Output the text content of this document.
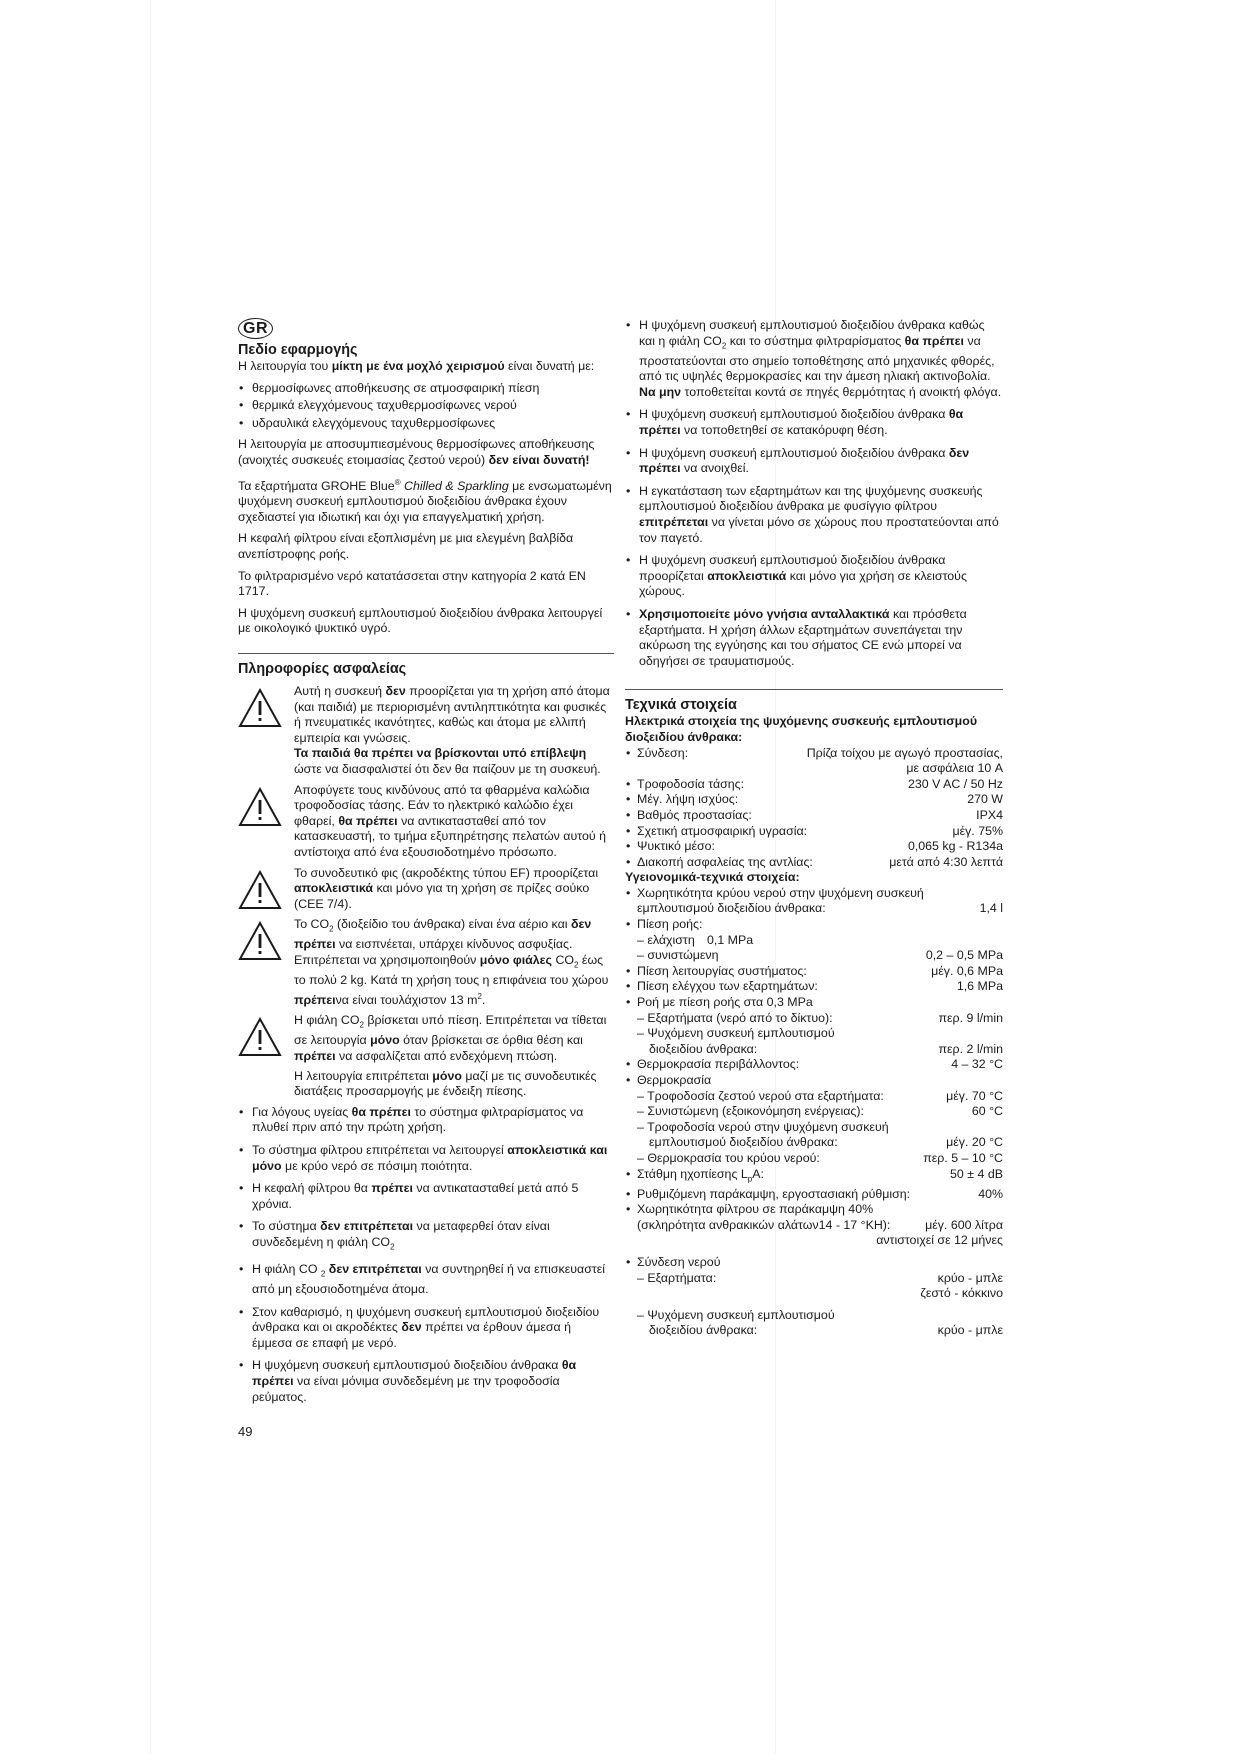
GR
Πεδίο εφαρμογής

Η λειτουργία του μίκτη με ένα μοχλό χειρισμού είναι δυνατή με:

• θερμοσίφωνες αποθήκευσης σε ατμοσφαιρική πίεση
• θερμικά ελεγχόμενους ταχυθερμοσίφωνες νερού
• υδραυλικά ελεγχόμενους ταχυθερμοσίφωνες

Η λειτουργία με αποσυμπιεσμένους θερμοσίφωνες αποθήκευσης (ανοιχτές συσκευές ετοιμασίας ζεστού νερού) δεν είναι δυνατή!

Τα εξαρτήματα GROHE Blue® Chilled & Sparkling με ενσωματωμένη ψυχόμενη συσκευή εμπλουτισμού διοξειδίου άνθρακα έχουν σχεδιαστεί για ιδιωτική και όχι για επαγγελματική χρήση.

Η κεφαλή φίλτρου είναι εξοπλισμένη με μια ελεγμένη βαλβίδα ανεπίστροφης ροής.

Το φιλτραρισμένο νερό κατατάσσεται στην κατηγορία 2 κατά EN 1717.

Η ψυχόμενη συσκευή εμπλουτισμού διοξειδίου άνθρακα λειτουργεί με οικολογικό ψυκτικό υγρό.

Πληροφορίες ασφαλείας

Αυτή η συσκευή δεν προορίζεται για τη χρήση από άτομα (και παιδιά) με περιορισμένη αντιληπτικότητα και φυσικές ή πνευματικές ικανότητες, καθώς και άτομα με ελλιπή εμπειρία και γνώσεις.

Τα παιδιά θα πρέπει να βρίσκονται υπό επίβλεψη ώστε να διασφαλιστεί ότι δεν θα παίζουν με τη συσκευή.

Αποφύγετε τους κινδύνους από τα φθαρμένα καλώδια τροφοδοσίας τάσης. Εάν το ηλεκτρικό καλώδιο έχει φθαρεί, θα πρέπει να αντικατασταθεί από τον κατασκευαστή, το τμήμα εξυπηρέτησης πελατών αυτού ή αντίστοιχα από ένα εξουσιοδοτημένο πρόσωπο.

Το συνοδευτικό φις (ακροδέκτης τύπου EF) προορίζεται αποκλειστικά και μόνο για τη χρήση σε πρίζες σούκο (CEE 7/4).

Το $CO_2$ (διοξείδιο του άνθρακα) είναι ένα αέριο και δεν πρέπει να εισπνέεται, υπάρχει κίνδυνος ασφυξίας. Επιτρέπεται να χρησιμοποιηθούν μόνο φιάλες $CO_2$ έως το πολύ 2 kg. Κατά τη χρήση τους η επιφάνεια του χώρου πρέπεινα είναι τουλάχιστον 13 $m^2$.

Η φιάλη $CO_2$ βρίσκεται υπό πίεση. Επιτρέπεται να τίθεται σε λειτουργία μόνο όταν βρίσκεται σε όρθια θέση και πρέπει να ασφαλίζεται από ενδεχόμενη πτώση.

Η λειτουργία επιτρέπεται μόνο μαζί με τις συνοδευτικές διατάξεις προσαρμογής με ένδειξη πίεσης.

• Για λόγους υγείας θα πρέπει το σύστημα φιλτραρίσματος να πλυθεί πριν από την πρώτη χρήση.
• Το σύστημα φίλτρου επιτρέπεται να λειτουργεί αποκλειστικά και μόνο με κρύο νερό σε πόσιμη ποιότητα.
• Η κεφαλή φίλτρου θα πρέπει να αντικατασταθεί μετά από 5 χρόνια.
• Το σύστημα δεν επιτρέπεται να μεταφερθεί όταν είναι συνδεδεμένη η φιάλη $CO_2$
• Η φιάλη CO $_2$ δεν επιτρέπεται να συντηρηθεί ή να επισκευαστεί από μη εξουσιοδοτημένα άτομα.
• Στον καθαρισμό, η ψυχόμενη συσκευή εμπλουτισμού διοξειδίου άνθρακα και οι ακροδέκτες δεν πρέπει να έρθουν άμεσα ή έμμεσα σε επαφή με νερό.
• Η ψυχόμενη συσκευή εμπλουτισμού διοξειδίου άνθρακα θα πρέπει να είναι μόνιμα συνδεδεμένη με την τροφοδοσία ρεύματος.
• Η ψυχόμενη συσκευή εμπλουτισμού διοξειδίου άνθρακα καθώς και η φιάλη $CO_2$ και το σύστημα φιλτραρίσματος θα πρέπει να προστατεύονται στο σημείο τοποθέτησης από μηχανικές φθορές, από τις υψηλές θερμοκρασίες και την άμεση ηλιακή ακτινοβολία.
Να μην τοποθετείται κοντά σε πηγές θερμότητας ή ανοικτή φλόγα.
• Η ψυχόμενη συσκευή εμπλουτισμού διοξειδίου άνθρακα θα πρέπει να τοποθετηθεί σε κατακόρυφη θέση.
• Η ψυχόμενη συσκευή εμπλουτισμού διοξειδίου άνθρακα δεν πρέπει να ανοιχθεί.
• Η εγκατάσταση των εξαρτημάτων και της ψυχόμενης συσκευής εμπλουτισμού διοξειδίου άνθρακα με φυσίγγιο φίλτρου επιτρέπεται να γίνεται μόνο σε χώρους που προστατεύονται από τον παγετό.
• Η ψυχόμενη συσκευή εμπλουτισμού διοξειδίου άνθρακα προορίζεται αποκλειστικά και μόνο για χρήση σε κλειστούς χώρους.
• Χρησιμοποιείτε μόνο γνήσια ανταλλακτικά και πρόσθετα εξαρτήματα. Η χρήση άλλων εξαρτημάτων συνεπάγεται την ακύρωση της εγγύησης και του σήματος CE ενώ μπορεί να οδηγήσει σε τραυματισμούς.
Τεχνικά στοιχεία
Ηλεκτρικά στοιχεία της ψυχόμενης συσκευής εμπλουτισμού διοξειδίου άνθρακα:
• Σύνδεση:	Πρίζα τοίχου με αγωγό προστασίας,
με ασφάλεια 10 A
• Τροφοδοσία τάσης:	230 V AC / 50 Hz
• Μέγ. λήψη ισχύος:	270 W
• Βαθμός προστασίας:	IPX4
• Σχετική ατμοσφαιρική υγρασία:	μέγ. 75%
• Ψυκτικό μέσο:	0,065 kg - R134a
• Διακοπή ασφαλείας της αντλίας:	μετά από 4:30 λεπτά
Υγειονομικά-τεχνικά στοιχεία:
• Χωρητικότητα κρύου νερού στην ψυχόμενη συσκευή
εμπλουτισμού διοξειδίου άνθρακα:	1,4 l
• Πίεση ροής:
– ελάχιστη 0,1 MPa
– συνιστώμενη	0,2 – 0,5 MPa
• Πίεση λειτουργίας συστήματος:	μέγ. 0,6 MPa
• Πίεση ελέγχου των εξαρτημάτων:	1,6 MPa
• Ροή με πίεση ροής στα 0,3 MPa
– Εξαρτήματα (νερό από το δίκτυο):	περ. 9 l/min
– Ψυχόμενη συσκευή εμπλουτισμού
διοξειδίου άνθρακα:	περ. 2 l/min
• Θερμοκρασία περιβάλλοντος:	4 – 32 °C
• Θερμοκρασία
– Τροφοδοσία ζεστού νερού στα εξαρτήματα:	μέγ. 70 °C
– Συνιστώμενη (εξοικονόμηση ενέργειας):	60 °C
– Τροφοδοσία νερού στην ψυχόμενη συσκευή
εμπλουτισμού διοξειδίου άνθρακα:	μέγ. 20 °C
– Θερμοκρασία του κρύου νερού:	περ. 5 – 10 °C
• Στάθμη ηχοπίεσης $L_pA$:	50 ± 4 dB
• Ρυθμιζόμενη παράκαμψη, εργοστασιακή ρύθμιση:	40%
• Χωρητικότητα φίλτρου σε παράκαμψη 40%
(σκληρότητα ανθρακικών αλάτων14 - 17 °KH):	μέγ. 600 λίτρα
αντιστοιχεί σε 12 μήνες
• Σύνδεση νερού
– Εξαρτήματα:	κρύο - μπλε
ζεστό - κόκκινο
– Ψυχόμενη συσκευή εμπλουτισμού
διοξειδίου άνθρακα:	κρύο - μπλε
49
